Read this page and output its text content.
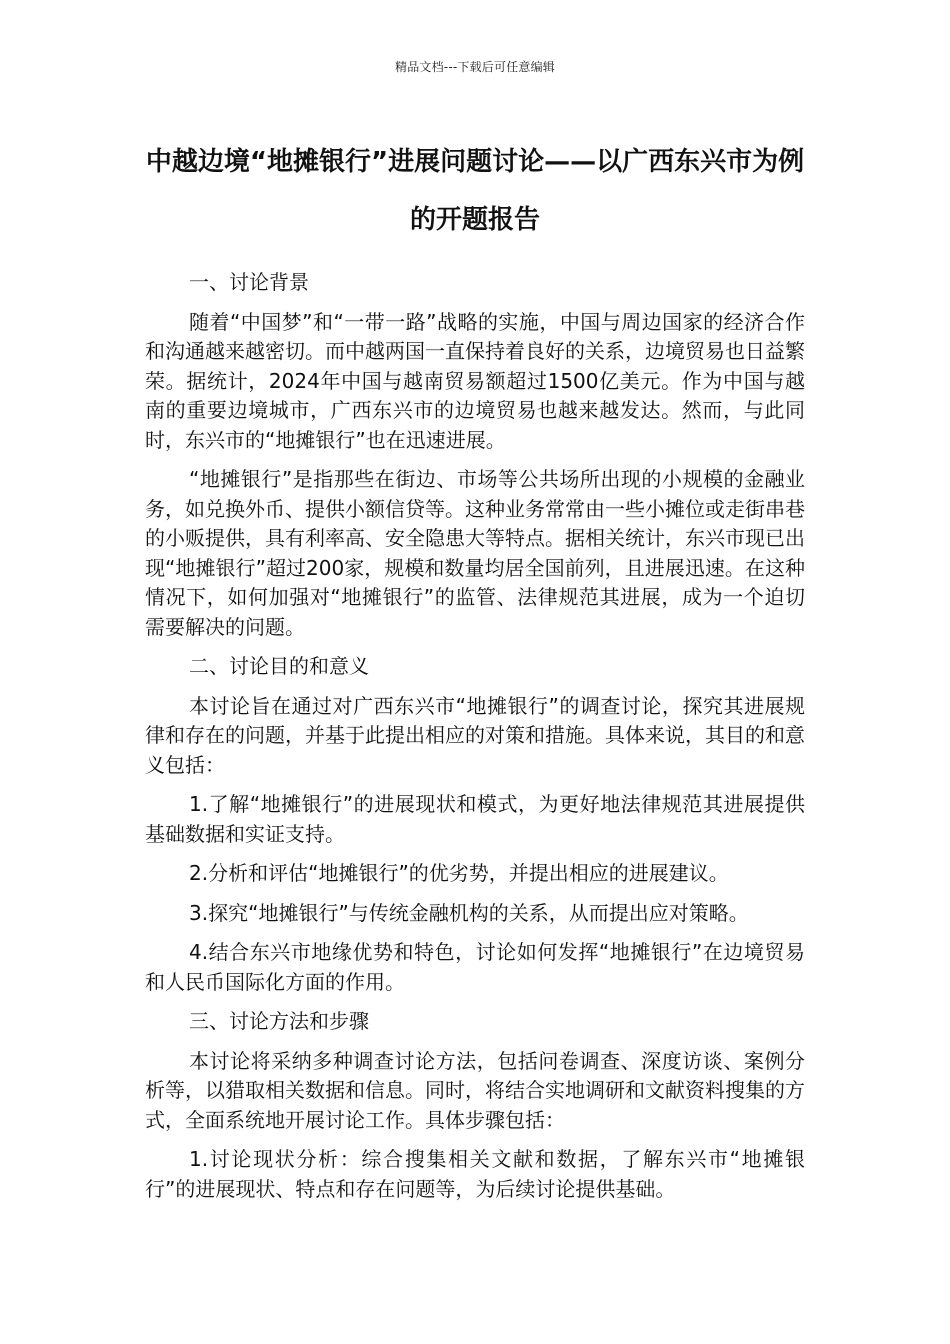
精品文档---下载后可任意编辑
中越边境“地摊银行”进展问题讨论——以广西东兴市为例的开题报告

一、讨论背景

随着“中国梦”和“一带一路”战略的实施，中国与周边国家的经济合作和沟通越来越密切。而中越两国一直保持着良好的关系，边境贸易也日益繁荣。据统计，2024年中国与越南贸易额超过1500亿美元。作为中国与越南的重要边境城市，广西东兴市的边境贸易也越来越发达。然而，与此同时，东兴市的“地摊银行”也在迅速进展。

“地摊银行”是指那些在街边、市场等公共场所出现的小规模的金融业务，如兑换外币、提供小额信贷等。这种业务常常由一些小摊位或走街串巷的小贩提供，具有利率高、安全隐患大等特点。据相关统计，东兴市现已出现“地摊银行”超过200家，规模和数量均居全国前列，且进展迅速。在这种情况下，如何加强对“地摊银行”的监管、法律规范其进展，成为一个迫切需要解决的问题。

二、讨论目的和意义

本讨论旨在通过对广西东兴市“地摊银行”的调查讨论，探究其进展规律和存在的问题，并基于此提出相应的对策和措施。具体来说，其目的和意义包括：

1.了解“地摊银行”的进展现状和模式，为更好地法律规范其进展提供基础数据和实证支持。

2.分析和评估“地摊银行”的优劣势，并提出相应的进展建议。

3.探究“地摊银行”与传统金融机构的关系，从而提出应对策略。

4.结合东兴市地缘优势和特色，讨论如何发挥“地摊银行”在边境贸易和人民币国际化方面的作用。

三、讨论方法和步骤

本讨论将采纳多种调查讨论方法，包括问卷调查、深度访谈、案例分析等，以猎取相关数据和信息。同时，将结合实地调研和文献资料搜集的方式，全面系统地开展讨论工作。具体步骤包括：

1.讨论现状分析：综合搜集相关文献和数据，了解东兴市“地摊银行”的进展现状、特点和存在问题等，为后续讨论提供基础。
